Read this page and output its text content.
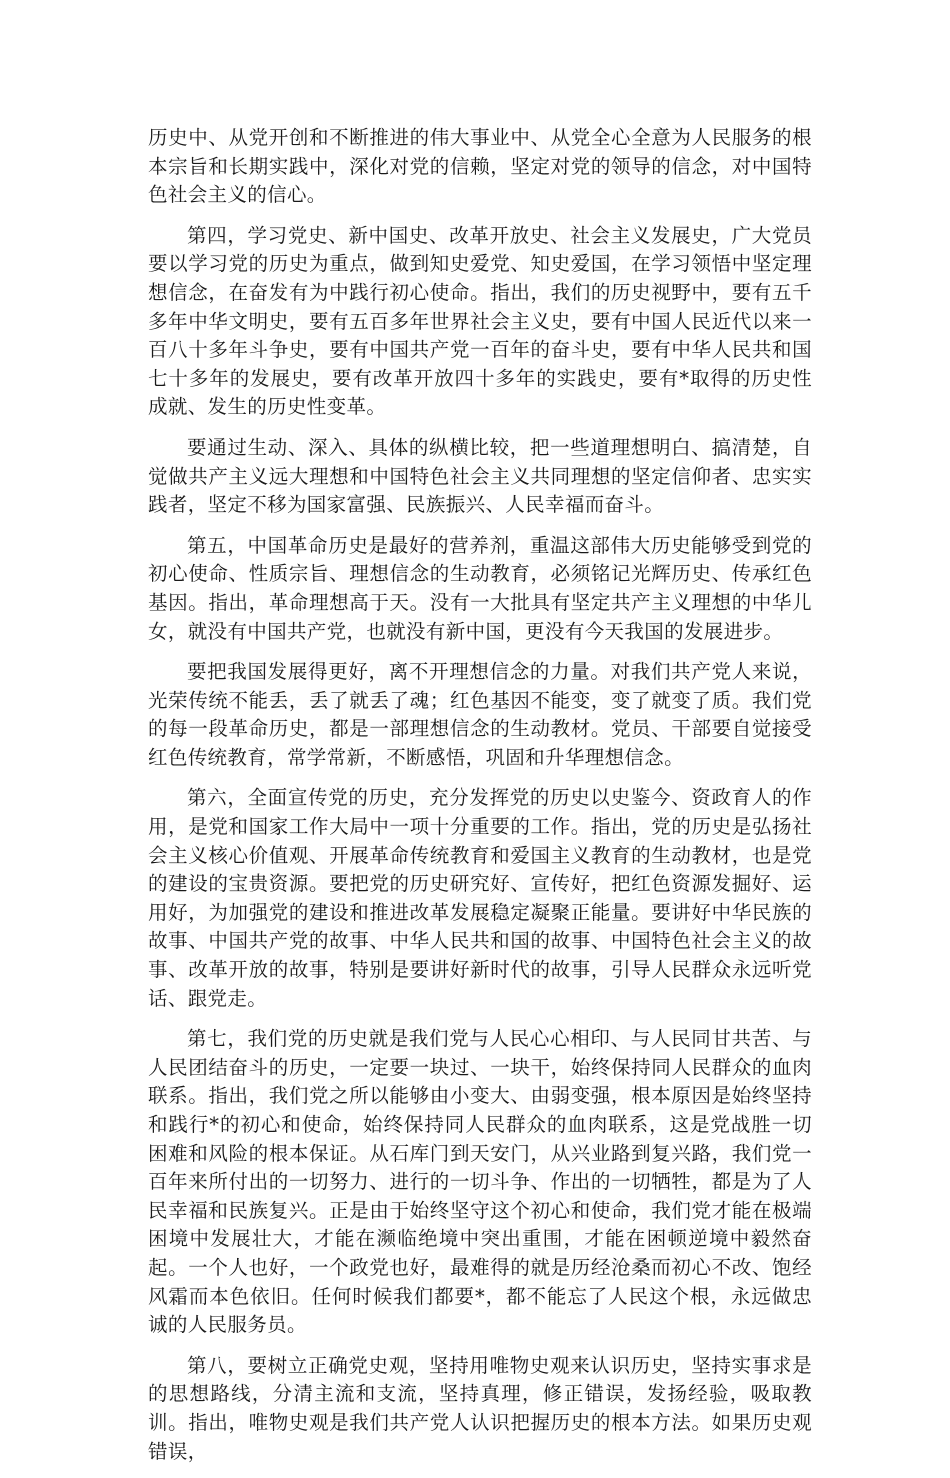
历史中、从党开创和不断推进的伟大事业中、从党全心全意为人民服务的根本宗旨和长期实践中，深化对党的信赖，坚定对党的领导的信念，对中国特色社会主义的信心。

第四，学习党史、新中国史、改革开放史、社会主义发展史，广大党员要以学习党的历史为重点，做到知史爱党、知史爱国，在学习领悟中坚定理想信念，在奋发有为中践行初心使命。指出，我们的历史视野中，要有五千多年中华文明史，要有五百多年世界社会主义史，要有中国人民近代以来一百八十多年斗争史，要有中国共产党一百年的奋斗史，要有中华人民共和国七十多年的发展史，要有改革开放四十多年的实践史，要有*取得的历史性成就、发生的历史性变革。

要通过生动、深入、具体的纵横比较，把一些道理想明白、搞清楚，自觉做共产主义远大理想和中国特色社会主义共同理想的坚定信仰者、忠实实践者，坚定不移为国家富强、民族振兴、人民幸福而奋斗。

第五，中国革命历史是最好的营养剂，重温这部伟大历史能够受到党的初心使命、性质宗旨、理想信念的生动教育，必须铭记光辉历史、传承红色基因。指出，革命理想高于天。没有一大批具有坚定共产主义理想的中华儿女，就没有中国共产党，也就没有新中国，更没有今天我国的发展进步。

要把我国发展得更好，离不开理想信念的力量。对我们共产党人来说，光荣传统不能丢，丢了就丢了魂；红色基因不能变，变了就变了质。我们党的每一段革命历史，都是一部理想信念的生动教材。党员、干部要自觉接受红色传统教育，常学常新，不断感悟，巩固和升华理想信念。

第六，全面宣传党的历史，充分发挥党的历史以史鉴今、资政育人的作用，是党和国家工作大局中一项十分重要的工作。指出，党的历史是弘扬社会主义核心价值观、开展革命传统教育和爱国主义教育的生动教材，也是党的建设的宝贵资源。要把党的历史研究好、宣传好，把红色资源发掘好、运用好，为加强党的建设和推进改革发展稳定凝聚正能量。要讲好中华民族的故事、中国共产党的故事、中华人民共和国的故事、中国特色社会主义的故事、改革开放的故事，特别是要讲好新时代的故事，引导人民群众永远听党话、跟党走。

第七，我们党的历史就是我们党与人民心心相印、与人民同甘共苦、与人民团结奋斗的历史，一定要一块过、一块干，始终保持同人民群众的血肉联系。指出，我们党之所以能够由小变大、由弱变强，根本原因是始终坚持和践行*的初心和使命，始终保持同人民群众的血肉联系，这是党战胜一切困难和风险的根本保证。从石库门到天安门，从兴业路到复兴路，我们党一百年来所付出的一切努力、进行的一切斗争、作出的一切牺牲，都是为了人民幸福和民族复兴。正是由于始终坚守这个初心和使命，我们党才能在极端困境中发展壮大，才能在濒临绝境中突出重围，才能在困顿逆境中毅然奋起。一个人也好，一个政党也好，最难得的就是历经沧桑而初心不改、饱经风霜而本色依旧。任何时候我们都要*，都不能忘了人民这个根，永远做忠诚的人民服务员。

第八，要树立正确党史观，坚持用唯物史观来认识历史，坚持实事求是的思想路线，分清主流和支流，坚持真理，修正错误，发扬经验，吸取教训。指出，唯物史观是我们共产党人认识把握历史的根本方法。如果历史观错误，
